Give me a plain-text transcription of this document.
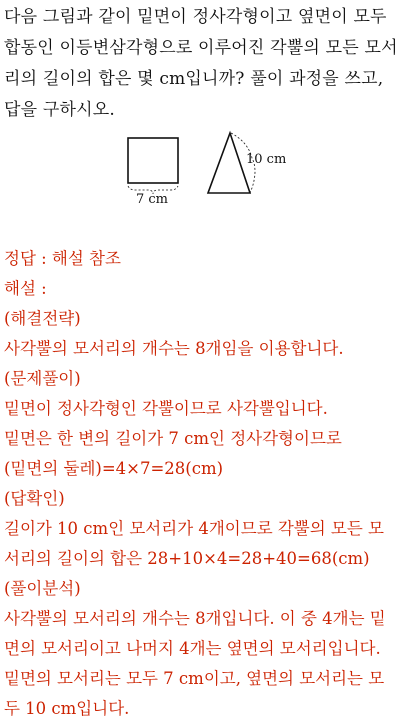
다음 그림과 같이 밑면이 정사각형이고 옆면이 모두
합동인 이등변삼각형으로 이루어진 각뿔의 모든 모서
리의 길이의 합은 몇 cm입니까? 풀이 과정을 쓰고,
답을 구하시오.
7 cm
10 cm
정답 : 해설 참조
해설 :
(해결전략)
사각뿔의 모서리의 개수는 8개임을 이용합니다.
(문제풀이)
밑면이 정사각형인 각뿔이므로 사각뿔입니다.
밑면은 한 변의 길이가 7 cm인 정사각형이므로
(밑면의 둘레)=4×7=28(cm)
(답확인)
길이가 10 cm인 모서리가 4개이므로 각뿔의 모든 모
서리의 길이의 합은 28+10×4=28+40=68(cm)
(풀이분석)
사각뿔의 모서리의 개수는 8개입니다. 이 중 4개는 밑
면의 모서리이고 나머지 4개는 옆면의 모서리입니다.
밑면의 모서리는 모두 7 cm이고, 옆면의 모서리는 모
두 10 cm입니다.
